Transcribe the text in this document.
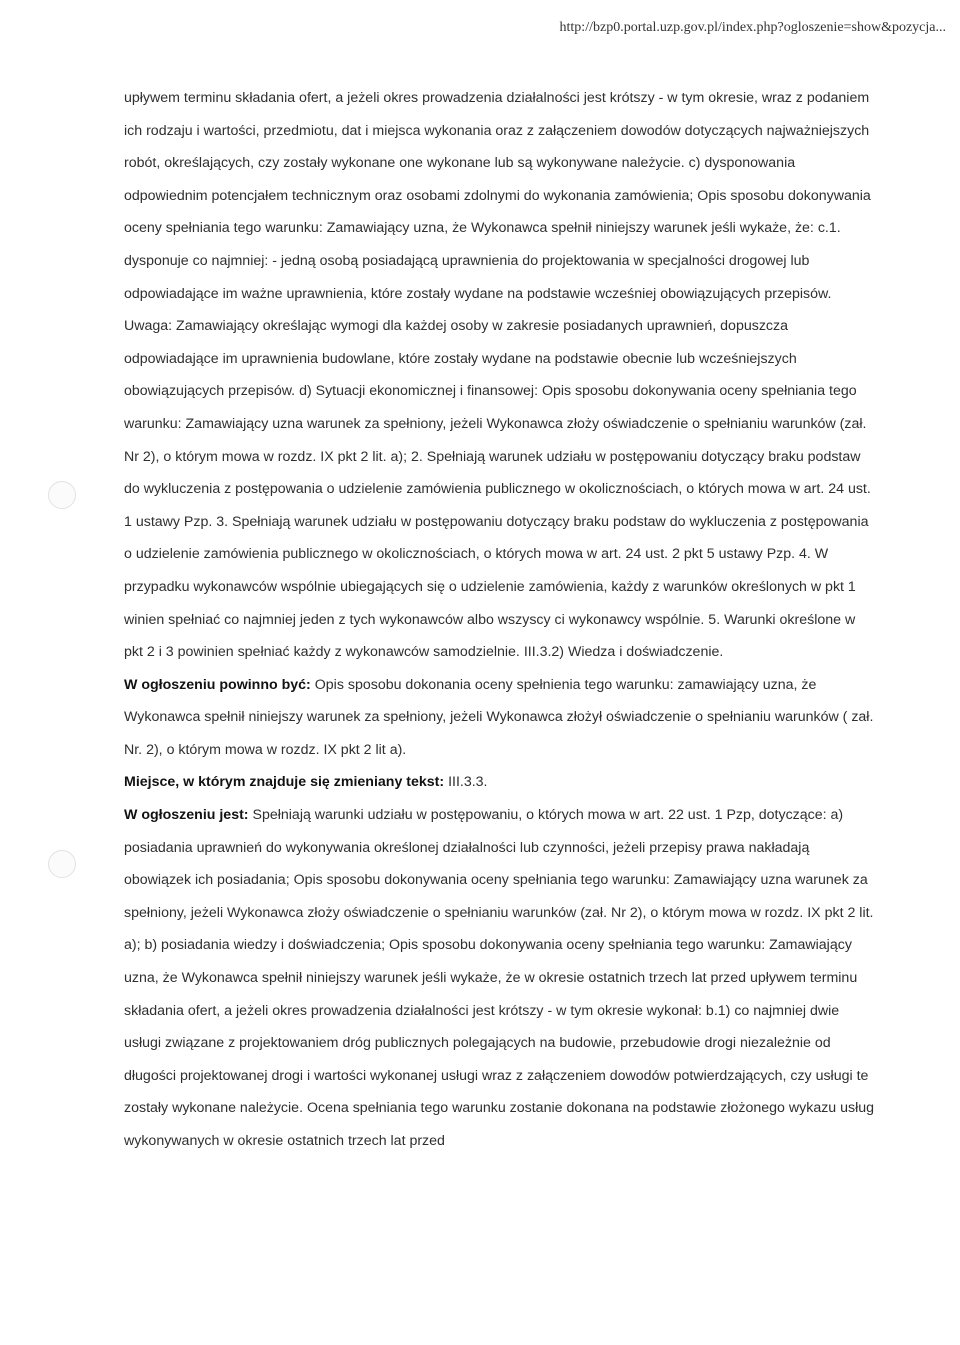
http://bzp0.portal.uzp.gov.pl/index.php?ogloszenie=show&pozycja...

upływem terminu składania ofert, a jeżeli okres prowadzenia działalności jest krótszy - w tym okresie, wraz z podaniem ich rodzaju i wartości, przedmiotu, dat i miejsca wykonania oraz z załączeniem dowodów dotyczących najważniejszych robót, określających, czy zostały wykonane one wykonane lub są wykonywane należycie. c) dysponowania odpowiednim potencjałem technicznym oraz osobami zdolnymi do wykonania zamówienia; Opis sposobu dokonywania oceny spełniania tego warunku: Zamawiający uzna, że Wykonawca spełnił niniejszy warunek jeśli wykaże, że: c.1. dysponuje co najmniej: - jedną osobą posiadającą uprawnienia do projektowania w specjalności drogowej lub odpowiadające im ważne uprawnienia, które zostały wydane na podstawie wcześniej obowiązujących przepisów. Uwaga: Zamawiający określając wymogi dla każdej osoby w zakresie posiadanych uprawnień, dopuszcza odpowiadające im uprawnienia budowlane, które zostały wydane na podstawie obecnie lub wcześniejszych obowiązujących przepisów. d) Sytuacji ekonomicznej i finansowej: Opis sposobu dokonywania oceny spełniania tego warunku: Zamawiający uzna warunek za spełniony, jeżeli Wykonawca złoży oświadczenie o spełnianiu warunków (zał. Nr 2), o którym mowa w rozdz. IX pkt 2 lit. a); 2. Spełniają warunek udziału w postępowaniu dotyczący braku podstaw do wykluczenia z postępowania o udzielenie zamówienia publicznego w okolicznościach, o których mowa w art. 24 ust. 1 ustawy Pzp. 3. Spełniają warunek udziału w postępowaniu dotyczący braku podstaw do wykluczenia z postępowania o udzielenie zamówienia publicznego w okolicznościach, o których mowa w art. 24 ust. 2 pkt 5 ustawy Pzp. 4. W przypadku wykonawców wspólnie ubiegających się o udzielenie zamówienia, każdy z warunków określonych w pkt 1 winien spełniać co najmniej jeden z tych wykonawców albo wszyscy ci wykonawcy wspólnie. 5. Warunki określone w pkt 2 i 3 powinien spełniać każdy z wykonawców samodzielnie. III.3.2) Wiedza i doświadczenie.

W ogłoszeniu powinno być: Opis sposobu dokonania oceny spełnienia tego warunku: zamawiający uzna, że Wykonawca spełnił niniejszy warunek za spełniony, jeżeli Wykonawca złożył oświadczenie o spełnianiu warunków ( zał. Nr. 2), o którym mowa w rozdz. IX pkt 2 lit a).

Miejsce, w którym znajduje się zmieniany tekst: III.3.3.

W ogłoszeniu jest: Spełniają warunki udziału w postępowaniu, o których mowa w art. 22 ust. 1 Pzp, dotyczące: a) posiadania uprawnień do wykonywania określonej działalności lub czynności, jeżeli przepisy prawa nakładają obowiązek ich posiadania; Opis sposobu dokonywania oceny spełniania tego warunku: Zamawiający uzna warunek za spełniony, jeżeli Wykonawca złoży oświadczenie o spełnianiu warunków (zał. Nr 2), o którym mowa w rozdz. IX pkt 2 lit. a); b) posiadania wiedzy i doświadczenia; Opis sposobu dokonywania oceny spełniania tego warunku: Zamawiający uzna, że Wykonawca spełnił niniejszy warunek jeśli wykaże, że w okresie ostatnich trzech lat przed upływem terminu składania ofert, a jeżeli okres prowadzenia działalności jest krótszy - w tym okresie wykonał: b.1) co najmniej dwie usługi związane z projektowaniem dróg publicznych polegających na budowie, przebudowie drogi niezależnie od długości projektowanej drogi i wartości wykonanej usługi wraz z załączeniem dowodów potwierdzających, czy usługi te zostały wykonane należycie. Ocena spełniania tego warunku zostanie dokonana na podstawie złożonego wykazu usług wykonywanych w okresie ostatnich trzech lat przed
